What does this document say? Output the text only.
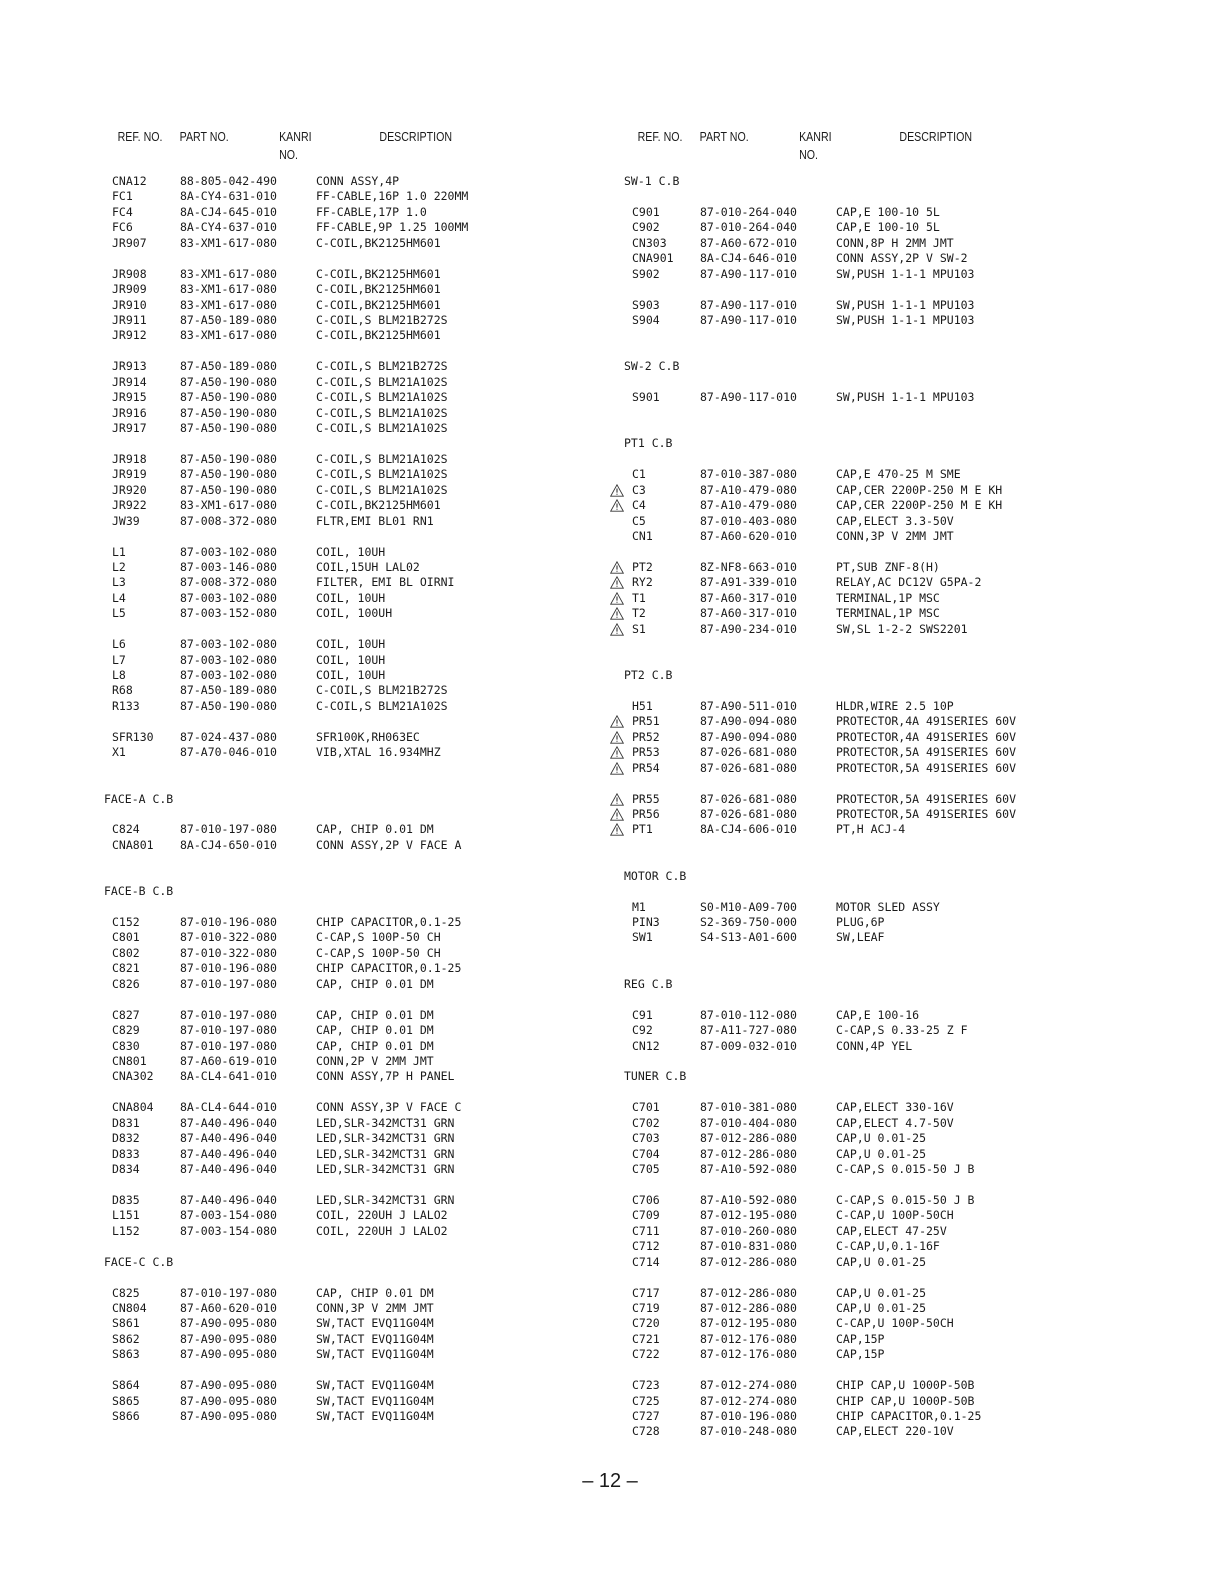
REF. NO. PART NO.	KANRI
NO.
DESCRIPTION
CNA12	88-805-042-490	CONN ASSY,4P
FC1	8A-CY4-631-010	FF-CABLE,16P 1.0 220MM
FC4	8A-CJ4-645-010	FF-CABLE,17P 1.0
FC6	8A-CY4-637-010	FF-CABLE,9P 1.25 100MM
JR907	83-XM1-617-080	C-COIL,BK2125HM601
JR908	83-XM1-617-080	C-COIL,BK2125HM601
JR909	83-XM1-617-080	C-COIL,BK2125HM601
JR910	83-XM1-617-080	C-COIL,BK2125HM601
JR911	87-A50-189-080	C-COIL,S BLM21B272S
JR912	83-XM1-617-080	C-COIL,BK2125HM601
JR913	87-A50-189-080	C-COIL,S BLM21B272S
JR914	87-A50-190-080	C-COIL,S BLM21A102S
JR915	87-A50-190-080	C-COIL,S BLM21A102S
JR916	87-A50-190-080	C-COIL,S BLM21A102S
JR917	87-A50-190-080	C-COIL,S BLM21A102S
JR918	87-A50-190-080	C-COIL,S BLM21A102S
JR919	87-A50-190-080	C-COIL,S BLM21A102S
JR920	87-A50-190-080	C-COIL,S BLM21A102S
JR922	83-XM1-617-080	C-COIL,BK2125HM601
JW39	87-008-372-080	FLTR,EMI BL01 RN1
L1	87-003-102-080	COIL, 10UH
L2	87-003-146-080	COIL,15UH LAL02
L3	87-008-372-080	FILTER, EMI BL OIRNI
L4	87-003-102-080	COIL, 10UH
L5	87-003-152-080	COIL, 100UH
L6	87-003-102-080	COIL, 10UH
L7	87-003-102-080	COIL, 10UH
L8	87-003-102-080	COIL, 10UH
R68	87-A50-189-080	C-COIL,S BLM21B272S
R133	87-A50-190-080	C-COIL,S BLM21A102S
SFR130 87-024-437-080	SFR100K,RH063EC
X1	87-A70-046-010	VIB,XTAL 16.934MHZ
FACE-A C.B
C824	87-010-197-080	CAP, CHIP 0.01 DM
CNA801 8A-CJ4-650-010	CONN ASSY,2P V FACE A
FACE-B C.B
C152	87-010-196-080	CHIP CAPACITOR,0.1-25
C801	87-010-322-080	C-CAP,S 100P-50 CH
C802	87-010-322-080	C-CAP,S 100P-50 CH
C821	87-010-196-080	CHIP CAPACITOR,0.1-25
C826	87-010-197-080	CAP, CHIP 0.01 DM
C827	87-010-197-080	CAP, CHIP 0.01 DM
C829	87-010-197-080	CAP, CHIP 0.01 DM
C830	87-010-197-080	CAP, CHIP 0.01 DM
CN801	87-A60-619-010	CONN,2P V 2MM JMT
CNA302 8A-CL4-641-010	CONN ASSY,7P H PANEL
CNA804 8A-CL4-644-010	CONN ASSY,3P V FACE C
D831	87-A40-496-040	LED,SLR-342MCT31 GRN
D832	87-A40-496-040	LED,SLR-342MCT31 GRN
D833	87-A40-496-040	LED,SLR-342MCT31 GRN
D834	87-A40-496-040	LED,SLR-342MCT31 GRN
D835	87-A40-496-040	LED,SLR-342MCT31 GRN
L151	87-003-154-080	COIL, 220UH J LALO2
L152	87-003-154-080	COIL, 220UH J LALO2
FACE-C C.B
C825	87-010-197-080	CAP, CHIP 0.01 DM
CN804	87-A60-620-010	CONN,3P V 2MM JMT
S861	87-A90-095-080	SW,TACT EVQ11G04M
S862	87-A90-095-080	SW,TACT EVQ11G04M
S863	87-A90-095-080	SW,TACT EVQ11G04M
S864	87-A90-095-080	SW,TACT EVQ11G04M
S865	87-A90-095-080	SW,TACT EVQ11G04M
S866	87-A90-095-080	SW,TACT EVQ11G04M
REF. NO. PART NO.	KANRI
NO.
DESCRIPTION
SW-1 C.B
C901	87-010-264-040	CAP,E 100-10 5L
C902	87-010-264-040	CAP,E 100-10 5L
CN303	87-A60-672-010	CONN,8P H 2MM JMT
CNA901 8A-CJ4-646-010	CONN ASSY,2P V SW-2
S902	87-A90-117-010	SW,PUSH 1-1-1 MPU103
S903	87-A90-117-010	SW,PUSH 1-1-1 MPU103
S904	87-A90-117-010	SW,PUSH 1-1-1 MPU103
SW-2 C.B
S901	87-A90-117-010	SW,PUSH 1-1-1 MPU103
PT1 C.B
C1	87-010-387-080	CAP,E 470-25 M SME
C3	87-A10-479-080	CAP,CER 2200P-250 M E KH
C4	87-A10-479-080	CAP,CER 2200P-250 M E KH
C5	87-010-403-080	CAP,ELECT 3.3-50V
CN1	87-A60-620-010	CONN,3P V 2MM JMT
PT2	8Z-NF8-663-010	PT,SUB ZNF-8(H)
RY2	87-A91-339-010	RELAY,AC DC12V G5PA-2
T1	87-A60-317-010	TERMINAL,1P MSC
T2	87-A60-317-010	TERMINAL,1P MSC
S1	87-A90-234-010	SW,SL 1-2-2 SWS2201
PT2 C.B
H51	87-A90-511-010	HLDR,WIRE 2.5 10P
PR51	87-A90-094-080	PROTECTOR,4A 491SERIES 60V
PR52	87-A90-094-080	PROTECTOR,4A 491SERIES 60V
PR53	87-026-681-080	PROTECTOR,5A 491SERIES 60V
PR54	87-026-681-080	PROTECTOR,5A 491SERIES 60V
PR55	87-026-681-080	PROTECTOR,5A 491SERIES 60V
PR56	87-026-681-080	PROTECTOR,5A 491SERIES 60V
PT1	8A-CJ4-606-010	PT,H ACJ-4
MOTOR C.B
M1	S0-M10-A09-700	MOTOR SLED ASSY
PIN3	S2-369-750-000	PLUG,6P
SW1	S4-S13-A01-600	SW,LEAF
REG C.B
C91	87-010-112-080	CAP,E 100-16
C92	87-A11-727-080	C-CAP,S 0.33-25 Z F
CN12	87-009-032-010	CONN,4P YEL
TUNER C.B
C701	87-010-381-080	CAP,ELECT 330-16V
C702	87-010-404-080	CAP,ELECT 4.7-50V
C703	87-012-286-080	CAP,U 0.01-25
C704	87-012-286-080	CAP,U 0.01-25
C705	87-A10-592-080	C-CAP,S 0.015-50 J B
C706	87-A10-592-080	C-CAP,S 0.015-50 J B
C709	87-012-195-080	C-CAP,U 100P-50CH
C711	87-010-260-080	CAP,ELECT 47-25V
C712	87-010-831-080	C-CAP,U,0.1-16F
C714	87-012-286-080	CAP,U 0.01-25
C717	87-012-286-080	CAP,U 0.01-25
C719	87-012-286-080	CAP,U 0.01-25
C720	87-012-195-080	C-CAP,U 100P-50CH
C721	87-012-176-080	CAP,15P
C722	87-012-176-080	CAP,15P
C723	87-012-274-080	CHIP CAP,U 1000P-50B
C725	87-012-274-080	CHIP CAP,U 1000P-50B
C727	87-010-196-080	CHIP CAPACITOR,0.1-25
C728	87-010-248-080	CAP,ELECT 220-10V
– 12 –
